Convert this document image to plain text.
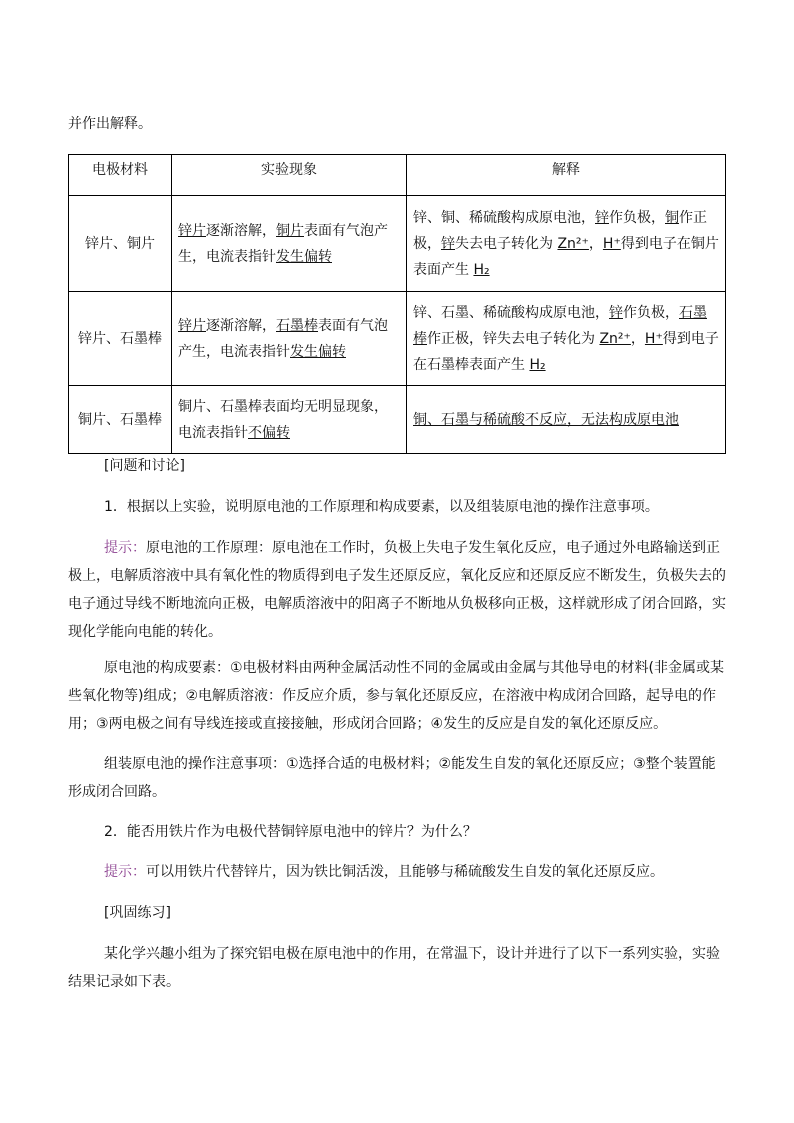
并作出解释。

电极材料	实验现象	解释
锌片、铜片	锌片逐渐溶解，铜片表面有气泡产生，电流表指针发生偏转	锌、铜、稀硫酸构成原电池，锌作负极，铜作正极，锌失去电子转化为 Zn²⁺，H⁺得到电子在铜片表面产生 H₂
锌片、石墨棒	锌片逐渐溶解，石墨棒表面有气泡产生，电流表指针发生偏转	锌、石墨、稀硫酸构成原电池，锌作负极，石墨棒作正极，锌失去电子转化为 Zn²⁺，H⁺得到电子在石墨棒表面产生 H₂
铜片、石墨棒	铜片、石墨棒表面均无明显现象，电流表指针不偏转	铜、石墨与稀硫酸不反应，无法构成原电池

[问题和讨论]

1．根据以上实验，说明原电池的工作原理和构成要素，以及组装原电池的操作注意事项。

提示：原电池的工作原理：原电池在工作时，负极上失电子发生氧化反应，电子通过外电路输送到正极上，电解质溶液中具有氧化性的物质得到电子发生还原反应，氧化反应和还原反应不断发生，负极失去的电子通过导线不断地流向正极，电解质溶液中的阳离子不断地从负极移向正极，这样就形成了闭合回路，实现化学能向电能的转化。

原电池的构成要素：①电极材料由两种金属活动性不同的金属或由金属与其他导电的材料(非金属或某些氧化物等)组成；②电解质溶液：作反应介质，参与氧化还原反应，在溶液中构成闭合回路，起导电的作用；③两电极之间有导线连接或直接接触，形成闭合回路；④发生的反应是自发的氧化还原反应。

组装原电池的操作注意事项：①选择合适的电极材料；②能发生自发的氧化还原反应；③整个装置能形成闭合回路。

2．能否用铁片作为电极代替铜锌原电池中的锌片？为什么？

提示：可以用铁片代替锌片，因为铁比铜活泼，且能够与稀硫酸发生自发的氧化还原反应。

[巩固练习]

某化学兴趣小组为了探究铝电极在原电池中的作用，在常温下，设计并进行了以下一系列实验，实验结果记录如下表。
